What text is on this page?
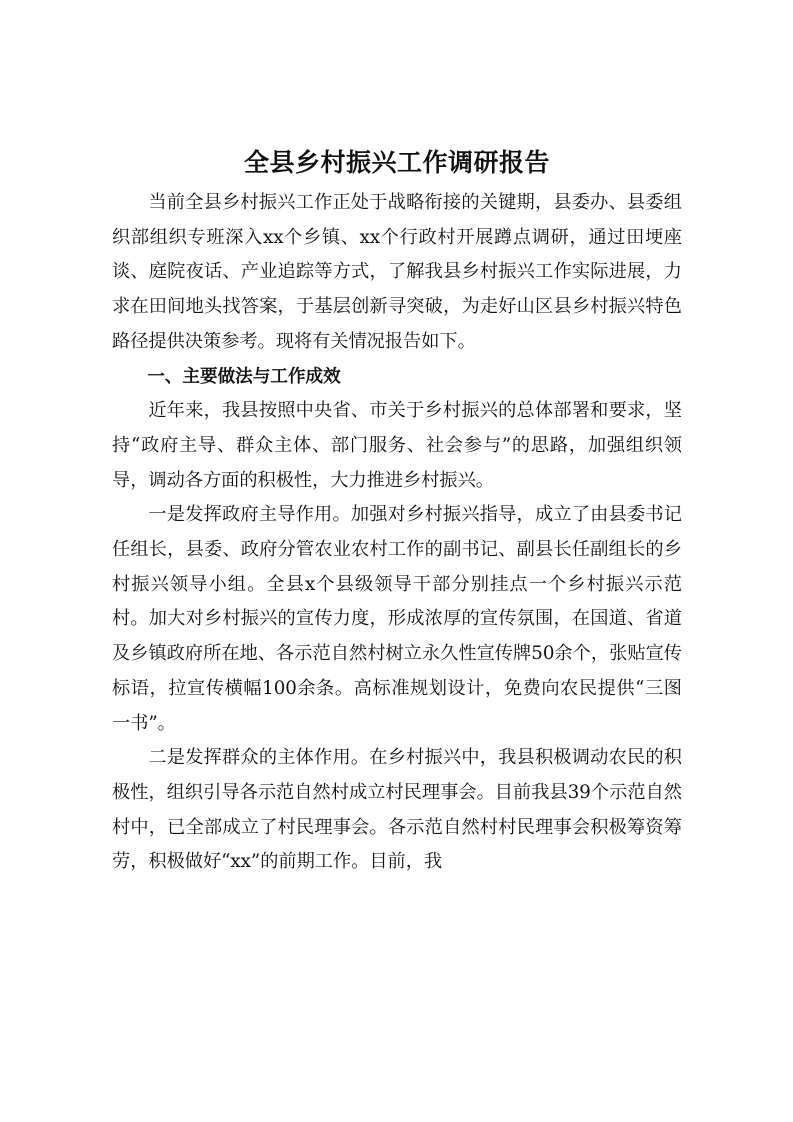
全县乡村振兴工作调研报告

当前全县乡村振兴工作正处于战略衔接的关键期，县委办、县委组织部组织专班深入xx个乡镇、xx个行政村开展蹲点调研，通过田埂座谈、庭院夜话、产业追踪等方式，了解我县乡村振兴工作实际进展，力求在田间地头找答案，于基层创新寻突破，为走好山区县乡村振兴特色路径提供决策参考。现将有关情况报告如下。

一、主要做法与工作成效

近年来，我县按照中央省、市关于乡村振兴的总体部署和要求，坚持“政府主导、群众主体、部门服务、社会参与”的思路，加强组织领导，调动各方面的积极性，大力推进乡村振兴。

一是发挥政府主导作用。加强对乡村振兴指导，成立了由县委书记任组长，县委、政府分管农业农村工作的副书记、副县长任副组长的乡村振兴领导小组。全县x个县级领导干部分别挂点一个乡村振兴示范村。加大对乡村振兴的宣传力度，形成浓厚的宣传氛围，在国道、省道及乡镇政府所在地、各示范自然村树立永久性宣传牌50余个，张贴宣传标语，拉宣传横幅100余条。高标准规划设计，免费向农民提供“三图一书”。

二是发挥群众的主体作用。在乡村振兴中，我县积极调动农民的积极性，组织引导各示范自然村成立村民理事会。目前我县39个示范自然村中，已全部成立了村民理事会。各示范自然村村民理事会积极筹资筹劳，积极做好“xx”的前期工作。目前，我
